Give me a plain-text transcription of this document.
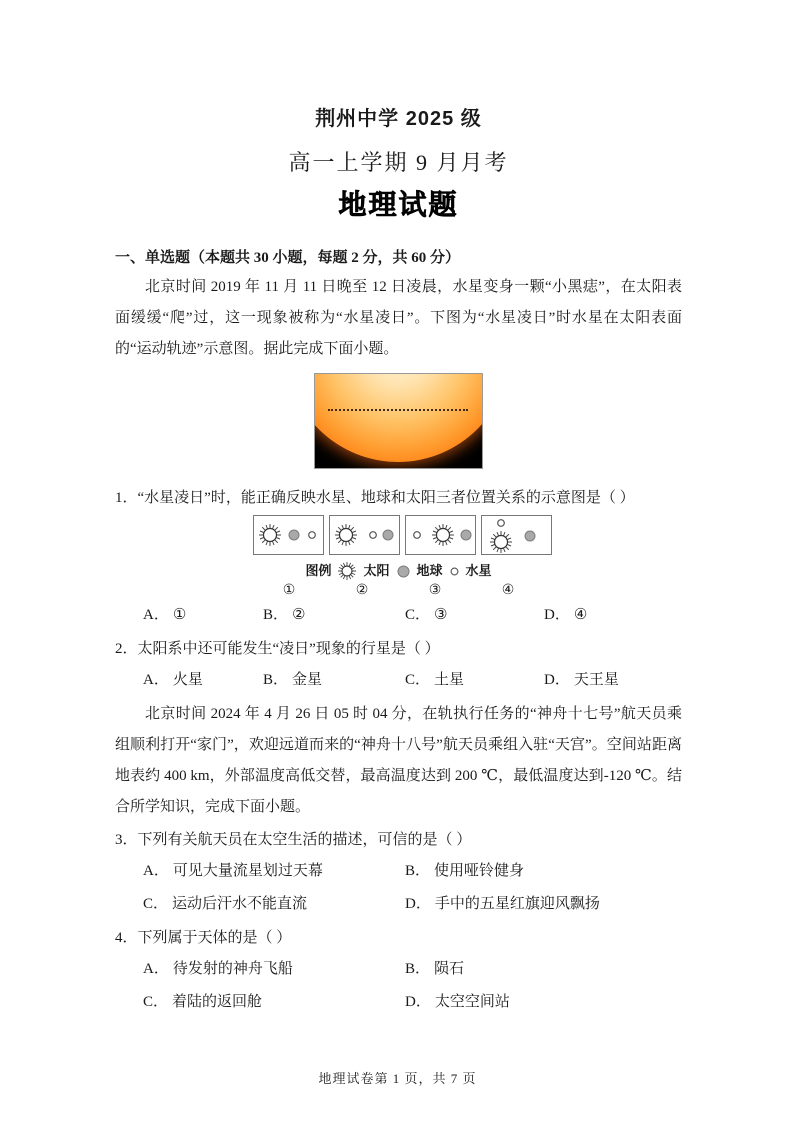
荆州中学 2025 级
高一上学期 9 月月考
地理试题
一、单选题（本题共 30 小题，每题 2 分，共 60 分）
北京时间 2019 年 11 月 11 日晚至 12 日凌晨，水星变身一颗“小黑痣”，在太阳表面缓缓“爬”过，这一现象被称为“水星凌日”。下图为“水星凌日”时水星在太阳表面的“运动轨迹”示意图。据此完成下面小题。
1．“水星凌日”时，能正确反映水星、地球和太阳三者位置关系的示意图是（ ）
图例 太阳 地球 水星
①	②	③	④
A． ①	B． ②	C． ③	D． ④
2．太阳系中还可能发生“凌日”现象的行星是（ ）
A． 火星	B． 金星	C． 土星	D． 天王星
北京时间 2024 年 4 月 26 日 05 时 04 分，在轨执行任务的“神舟十七号”航天员乘组顺利打开“家门”，欢迎远道而来的“神舟十八号”航天员乘组入驻“天宫”。空间站距离地表约 400 km，外部温度高低交替，最高温度达到 200 ℃，最低温度达到-120 ℃。结合所学知识，完成下面小题。
3．下列有关航天员在太空生活的描述，可信的是（ ）
A． 可见大量流星划过天幕	B． 使用哑铃健身
C． 运动后汗水不能直流	D． 手中的五星红旗迎风飘扬
4．下列属于天体的是（ ）
A． 待发射的神舟飞船	B． 陨石
C． 着陆的返回舱	D． 太空空间站
地理试卷第 1 页，共 7 页
